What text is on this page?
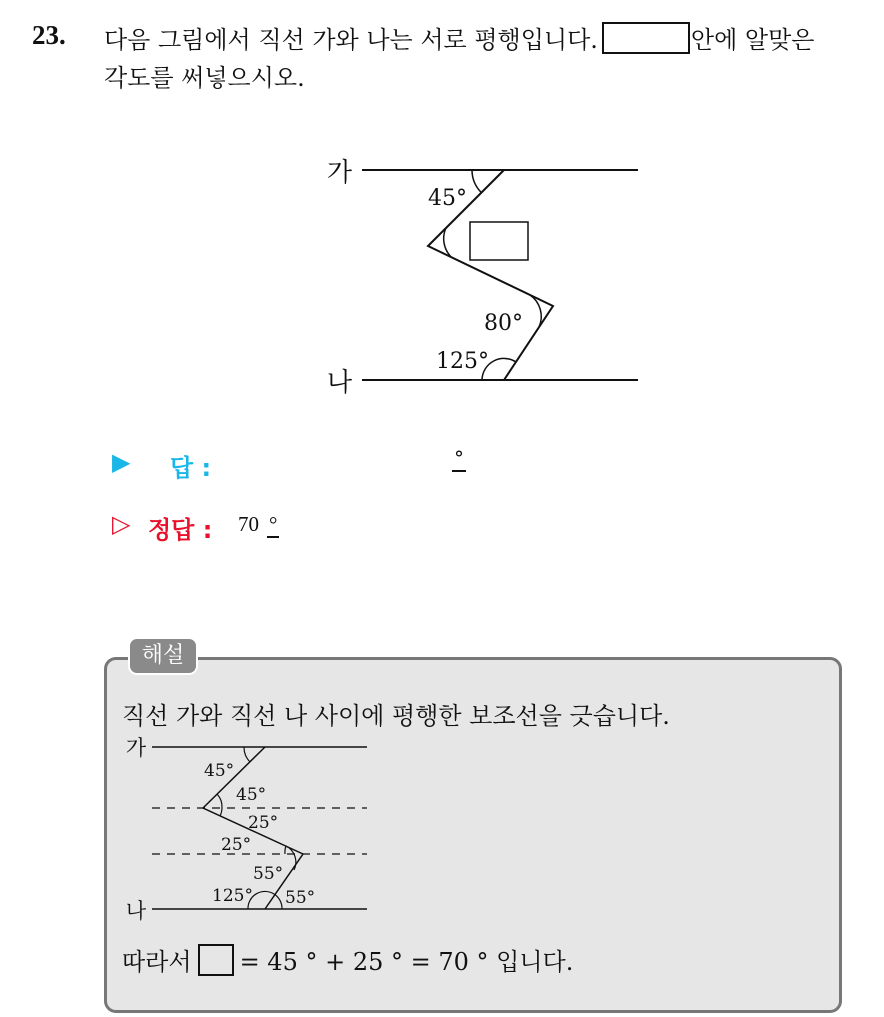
23. 다음 그림에서 직선 가와 나는 서로 평행입니다.	안에 알맞은
각도를 써넣으시오.
가
나
45°
80°
125°
▶ 답 :	°
▷ 정답 : 70 °
해설
직선 가와 직선 나 사이에 평행한 보조선을 긋습니다.
가
나
45°
45°
25°
25°
55°
125° 55°
따라서 = 45 ° + 25 ° = 70 ° 입니다.
